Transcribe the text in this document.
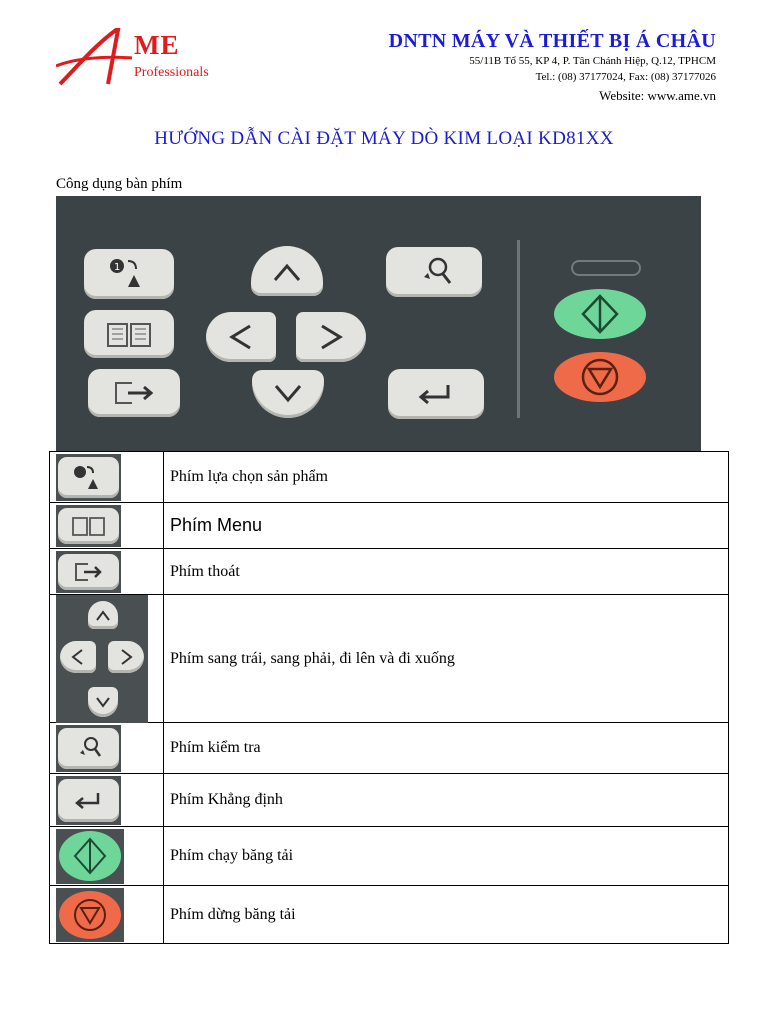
ME
Professionals
DNTN MÁY VÀ THIẾT BỊ Á CHÂU
55/11B Tổ 55, KP 4, P. Tân Chánh Hiệp, Q.12, TPHCM
Tel.: (08) 37177024, Fax: (08) 37177026
Website: www.ame.vn
HƯỚNG DẪN CÀI ĐẶT MÁY DÒ KIM LOẠI KD81XX
Công dụng bàn phím
1
	Phím lựa chọn sản phẩm

	Phím Menu

	Phím thoát

	Phím sang trái, sang phải, đi lên và đi xuống

	Phím kiểm tra

	Phím Khẳng định

	Phím chạy băng tải

	Phím dừng băng tải
